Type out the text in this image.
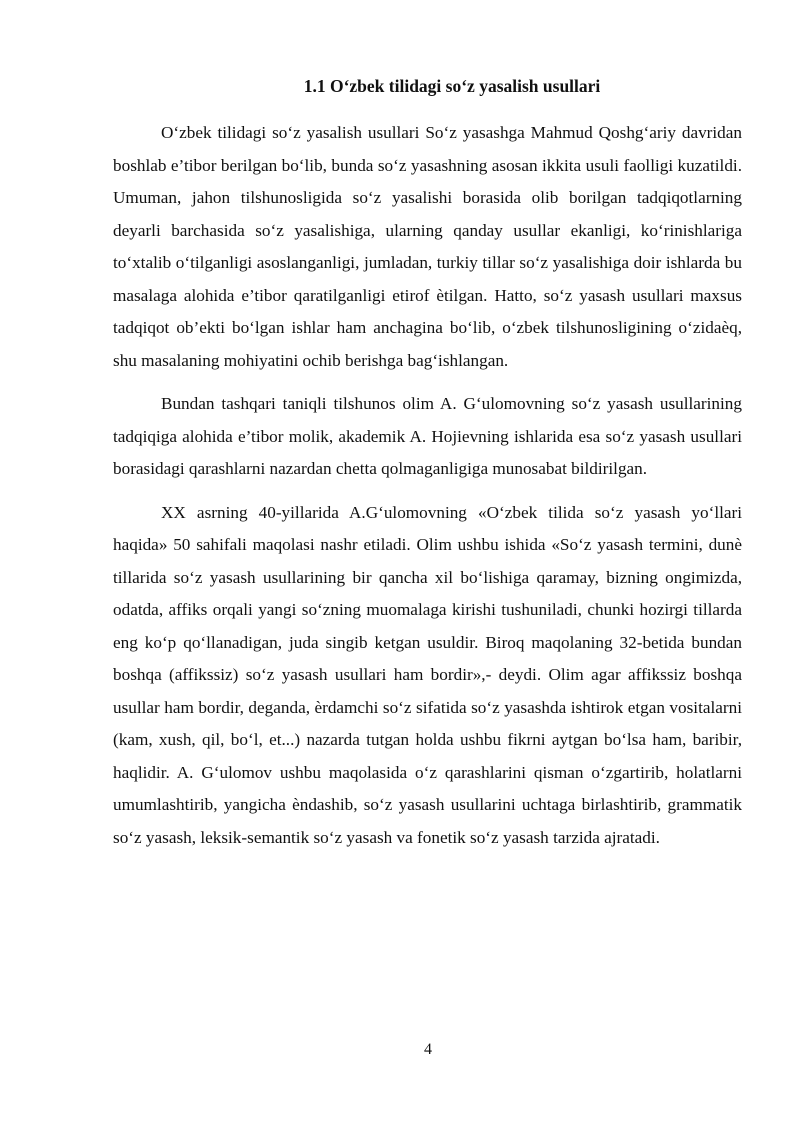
1.1 O‘zbek tilidagi so‘z yasalish usullari

O‘zbek tilidagi so‘z yasalish usullari So‘z yasashga Mahmud Qoshg‘ariy davridan boshlab e’tibor berilgan bo‘lib, bunda so‘z yasashning asosan ikkita usuli faolligi kuzatildi. Umuman, jahon tilshunosligida so‘z yasalishi borasida olib borilgan tadqiqotlarning deyarli barchasida so‘z yasalishiga, ularning qanday usullar ekanligi, ko‘rinishlariga to‘xtalib o‘tilganligi asoslanganligi, jumladan, turkiy tillar so‘z yasalishiga doir ishlarda bu masalaga alohida e’tibor qaratilganligi etirof ètilgan. Hatto, so‘z yasash usullari maxsus tadqiqot ob’ekti bo‘lgan ishlar ham anchagina bo‘lib, o‘zbek tilshunosligining o‘zidaèq, shu masalaning mohiyatini ochib berishga bag‘ishlangan.

Bundan tashqari taniqli tilshunos olim A. G‘ulomovning so‘z yasash usullarining tadqiqiga alohida e’tibor molik, akademik A. Hojievning ishlarida esa so‘z yasash usullari borasidagi qarashlarni nazardan chetta qolmaganligiga munosabat bildirilgan.

XX asrning 40-yillarida A.G‘ulomovning «O‘zbek tilida so‘z yasash yo‘llari haqida» 50 sahifali maqolasi nashr etiladi. Olim ushbu ishida «So‘z yasash termini, dunè tillarida so‘z yasash usullarining bir qancha xil bo‘lishiga qaramay, bizning ongimizda, odatda, affiks orqali yangi so‘zning muomalaga kirishi tushuniladi, chunki hozirgi tillarda eng ko‘p qo‘llanadigan, juda singib ketgan usuldir. Biroq maqolaning 32-betida bundan boshqa (affikssiz) so‘z yasash usullari ham bordir»,- deydi. Olim agar affikssiz boshqa usullar ham bordir, deganda, èrdamchi so‘z sifatida so‘z yasashda ishtirok etgan vositalarni (kam, xush, qil, bo‘l, et...) nazarda tutgan holda ushbu fikrni aytgan bo‘lsa ham, baribir, haqlidir. A. G‘ulomov ushbu maqolasida o‘z qarashlarini qisman o‘zgartirib, holatlarni umumlashtirib, yangicha èndashib, so‘z yasash usullarini uchtaga birlashtirib, grammatik so‘z yasash, leksik-semantik so‘z yasash va fonetik so‘z yasash tarzida ajratadi.

4
